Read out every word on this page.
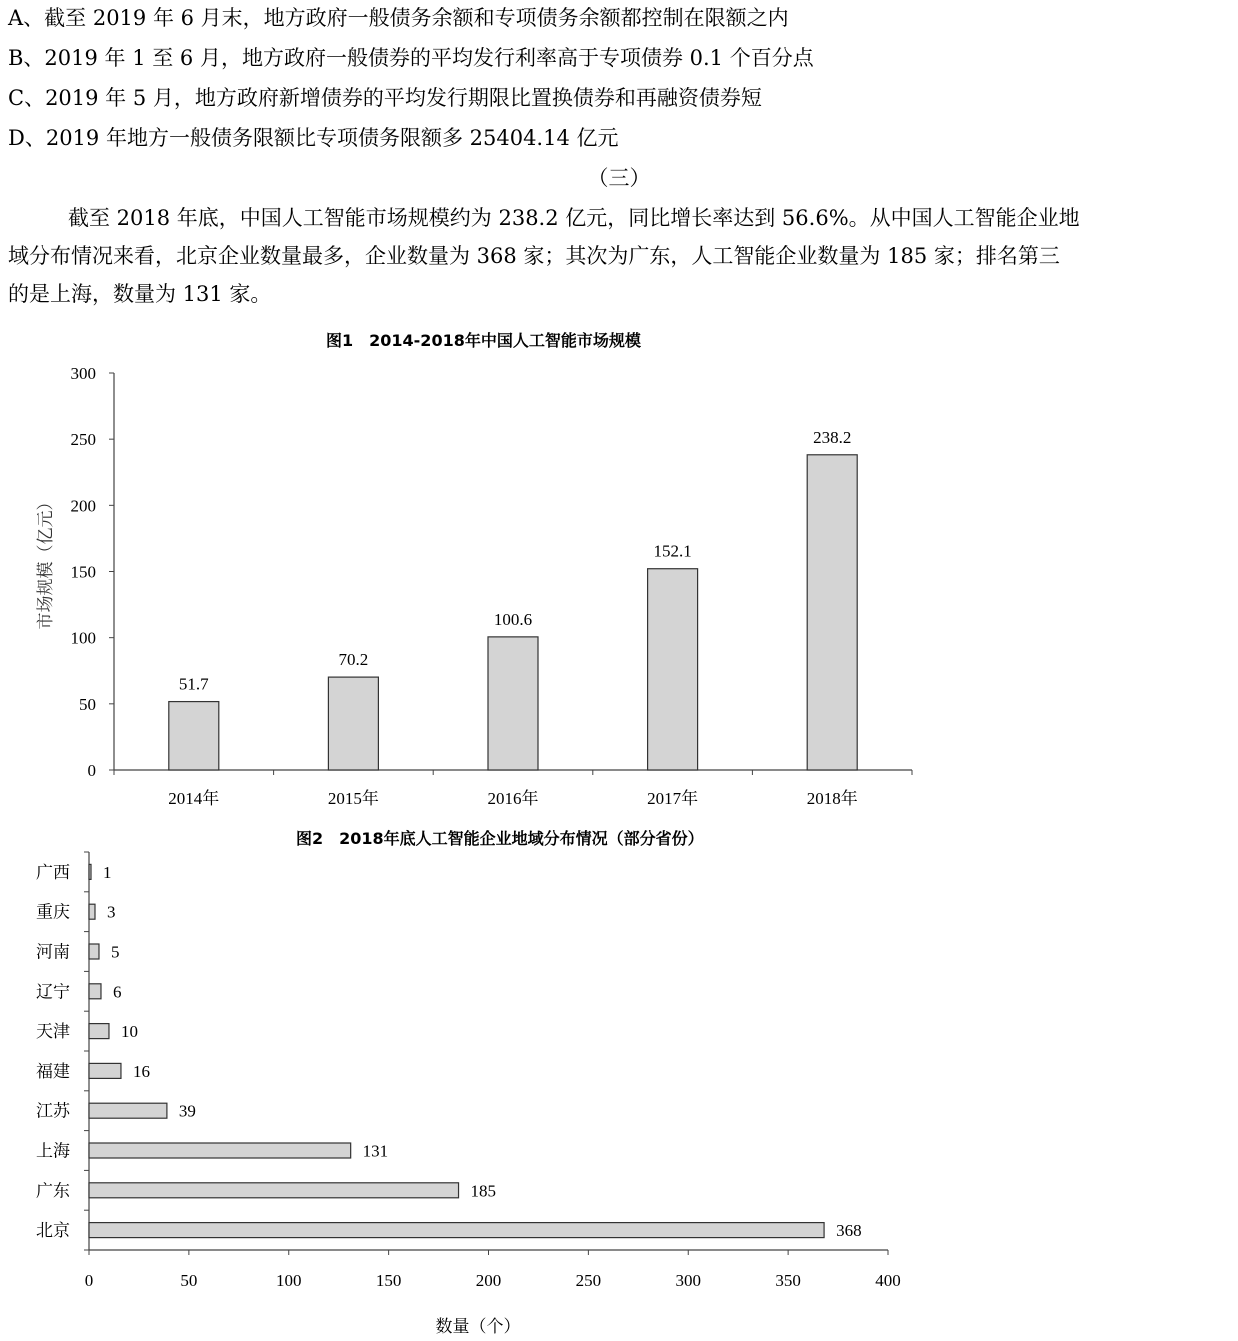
A、截至 2019 年 6 月末，地方政府一般债务余额和专项债务余额都控制在限额之内
B、2019 年 1 至 6 月，地方政府一般债券的平均发行利率高于专项债券 0.1 个百分点
C、2019 年 5 月，地方政府新增债券的平均发行期限比置换债券和再融资债券短
D、2019 年地方一般债务限额比专项债务限额多 25404.14 亿元
（三）
截至 2018 年底，中国人工智能市场规模约为 238.2 亿元，同比增长率达到 56.6%。从中国人工智能企业地
域分布情况来看，北京企业数量最多，企业数量为 368 家；其次为广东，人工智能企业数量为 185 家；排名第三
的是上海，数量为 131 家。
图1　2014-2018年中国人工智能市场规模
0
50
100
150
200
250
300
51.7
2014年
70.2
2015年
100.6
2016年
152.1
2017年
238.2
2018年
市场规模（亿元）
图2　2018年底人工智能企业地域分布情况（部分省份）
0	50	100	150	200	250	300	350	400
1
广西
3
重庆
5
河南
6
辽宁
10
天津
16
福建
39
江苏
131
上海
185
广东
368
北京
数量（个）
